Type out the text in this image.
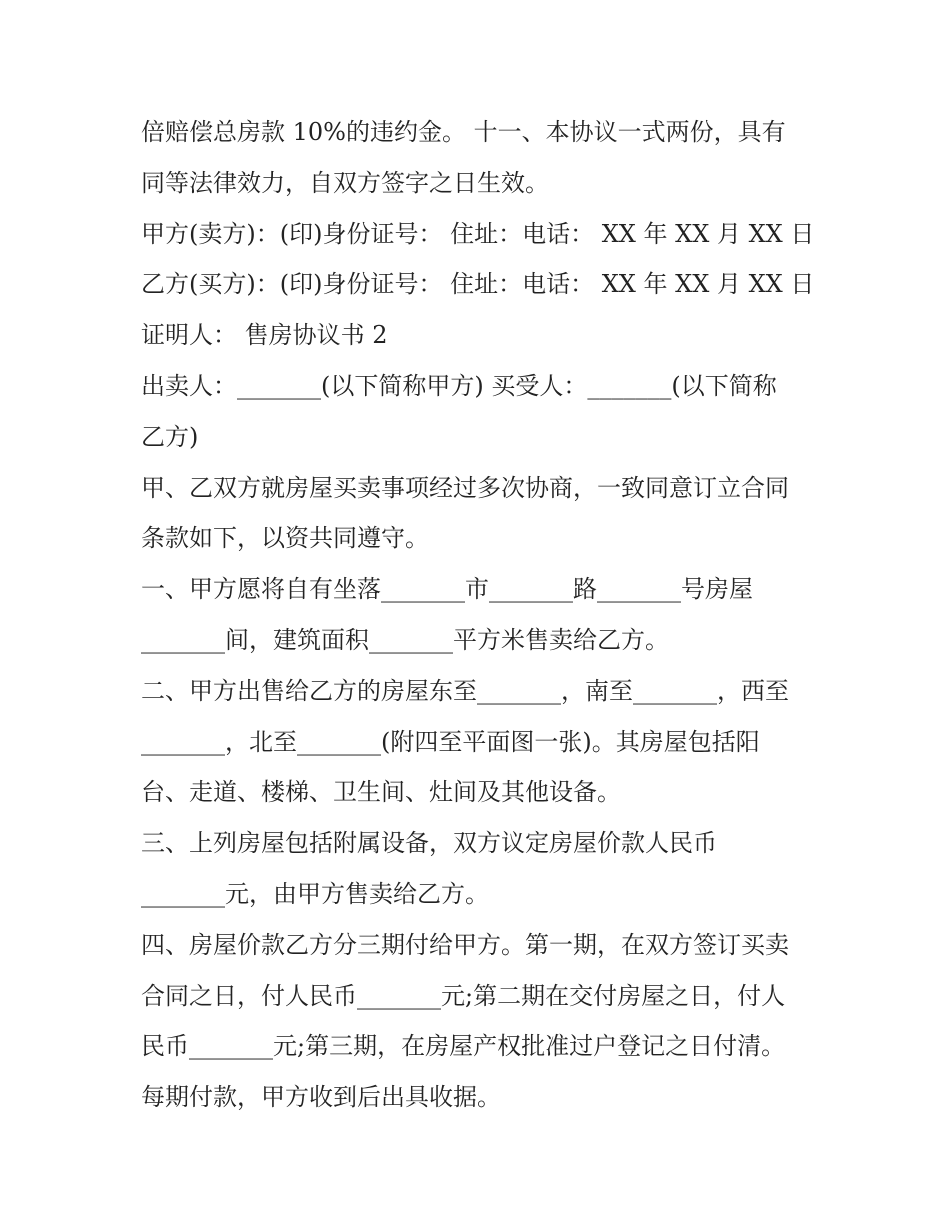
倍赔偿总房款 10%的违约金。 十一、本协议一式两份，具有
同等法律效力，自双方签字之日生效。
甲方(卖方)：(印)身份证号： 住址：电话： XX 年 XX 月 XX 日
乙方(买方)：(印)身份证号： 住址：电话： XX 年 XX 月 XX 日
证明人： 售房协议书 2
出卖人：_______(以下简称甲方) 买受人：_______(以下简称
乙方)
甲、乙双方就房屋买卖事项经过多次协商，一致同意订立合同
条款如下，以资共同遵守。
一、甲方愿将自有坐落_______市_______路_______号房屋
_______间，建筑面积_______平方米售卖给乙方。
二、甲方出售给乙方的房屋东至_______，南至_______，西至
_______，北至_______(附四至平面图一张)。其房屋包括阳
台、走道、楼梯、卫生间、灶间及其他设备。
三、上列房屋包括附属设备，双方议定房屋价款人民币
_______元，由甲方售卖给乙方。
四、房屋价款乙方分三期付给甲方。第一期，在双方签订买卖
合同之日，付人民币_______元;第二期在交付房屋之日，付人
民币_______元;第三期，在房屋产权批准过户登记之日付清。
每期付款，甲方收到后出具收据。
